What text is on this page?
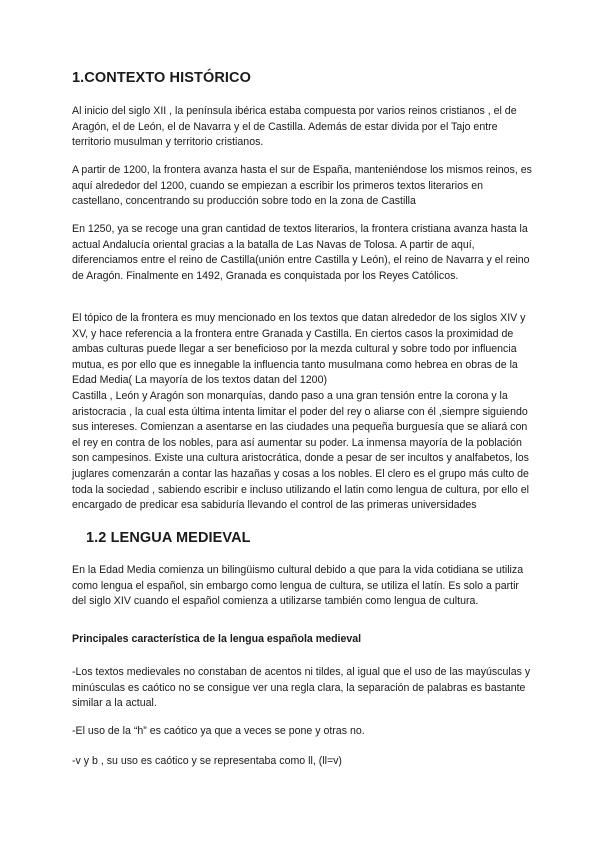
1.CONTEXTO HISTÓRICO

Al inicio del siglo XII , la península ibérica estaba compuesta por varios reinos cristianos , el de Aragón, el de León, el de Navarra y el de Castilla. Además de estar divida por el Tajo entre territorio musulman y territorio cristianos.

A partir de 1200, la frontera avanza hasta el sur de España, manteniéndose los mismos reinos, es aquí alrededor del 1200, cuando se empiezan a escribir los primeros textos literarios en castellano, concentrando su producción sobre todo en la zona de Castilla

En 1250, ya se recoge una gran cantidad de textos literarios, la frontera cristiana avanza hasta la actual Andalucía oriental gracias a la batalla de Las Navas de Tolosa. A partir de aquí, diferenciamos entre el reino de Castilla(unión entre Castilla y León), el reino de Navarra y el reino de Aragón. Finalmente en 1492, Granada es conquistada por los Reyes Católicos.

El tópico de la frontera es muy mencionado en los textos que datan alrededor de los siglos XIV y XV, y hace referencia a la frontera entre Granada y Castilla. En ciertos casos la proximidad de ambas culturas puede llegar a ser beneficioso por la mezda cultural y sobre todo por influencia mutua, es por ello que es innegable la influencia tanto musulmana como hebrea en obras de la Edad Media( La mayoría de los textos datan del 1200)
Castilla , León y Aragón son monarquías, dando paso a una gran tensión entre la corona y la aristocracia , la cual esta última intenta limitar el poder del rey o aliarse con él ,siempre siguiendo sus intereses. Comienzan a asentarse en las ciudades una pequeña burguesía que se aliará con el rey en contra de los nobles, para así aumentar su poder. La inmensa mayoría de la población son campesinos. Existe una cultura aristocrática, donde a pesar de ser incultos y analfabetos, los juglares comenzarán a contar las hazañas y cosas a los nobles. El clero es el grupo más culto de toda la sociedad , sabiendo escribir e incluso utilizando el latin como lengua de cultura, por ello el encargado de predicar esa sabiduría llevando el control de las primeras universidades

1.2 LENGUA MEDIEVAL

En la Edad Media comienza un bilingüismo cultural debido a que para la vida cotidiana se utiliza como lengua el español, sin embargo como lengua de cultura, se utiliza el latín. Es solo a partir del siglo XIV cuando el español comienza a utilizarse también como lengua de cultura.

Principales característica de la lengua española medieval

-Los textos medievales no constaban de acentos ni tildes, al igual que el uso de las mayúsculas y minúsculas es caótico no se consigue ver una regla clara, la separación de palabras es bastante similar a la actual.

-El uso de la “h” es caótico ya que a veces se pone y otras no.

-v y b , su uso es caótico y se representaba como ll, (ll=v)
